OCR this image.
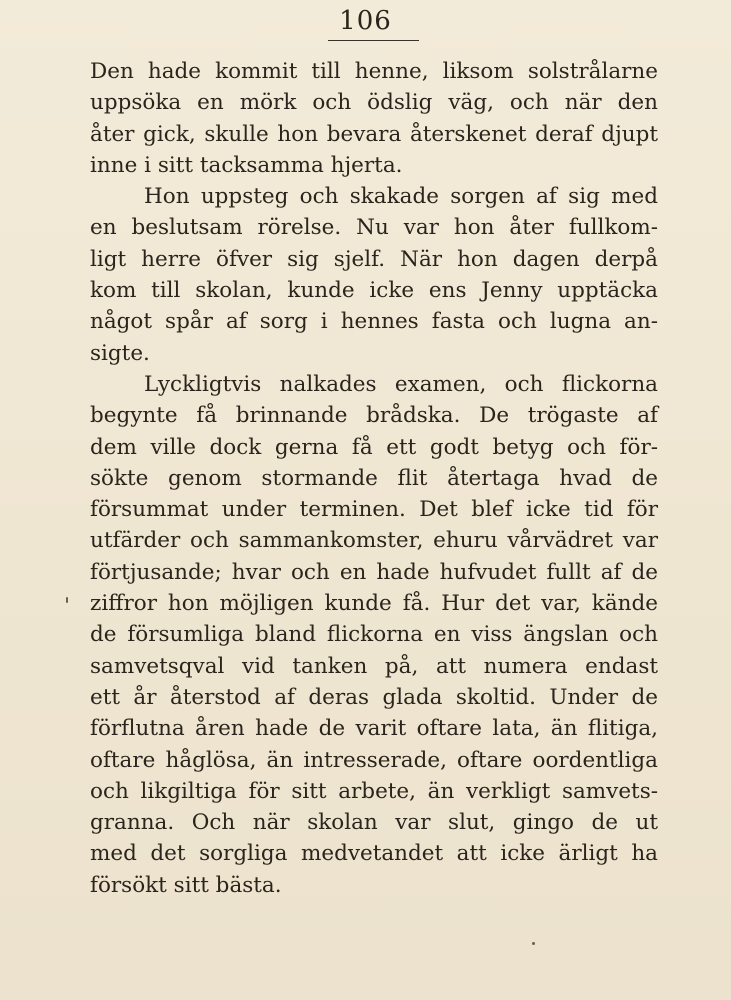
106
Den hade kommit till henne, liksom solstrålarne
uppsöka en mörk och ödslig väg, och när den
åter gick, skulle hon bevara återskenet deraf djupt
inne i sitt tacksamma hjerta.
Hon uppsteg och skakade sorgen af sig med
en beslutsam rörelse. Nu var hon åter fullkom-
ligt herre öfver sig sjelf. När hon dagen derpå
kom till skolan, kunde icke ens Jenny upptäcka
något spår af sorg i hennes fasta och lugna an-
sigte.
Lyckligtvis nalkades examen, och flickorna
begynte få brinnande brådska. De trögaste af
dem ville dock gerna få ett godt betyg och för-
sökte genom stormande flit återtaga hvad de
försummat under terminen. Det blef icke tid för
utfärder och sammankomster, ehuru vårvädret var
förtjusande; hvar och en hade hufvudet fullt af de
ziffror hon möjligen kunde få. Hur det var, kände
de försumliga bland flickorna en viss ängslan och
samvetsqval vid tanken på, att numera endast
ett år återstod af deras glada skoltid. Under de
förflutna åren hade de varit oftare lata, än flitiga,
oftare håglösa, än intresserade, oftare oordentliga
och likgiltiga för sitt arbete, än verkligt samvets-
granna. Och när skolan var slut, gingo de ut
med det sorgliga medvetandet att icke ärligt ha
försökt sitt bästa.
